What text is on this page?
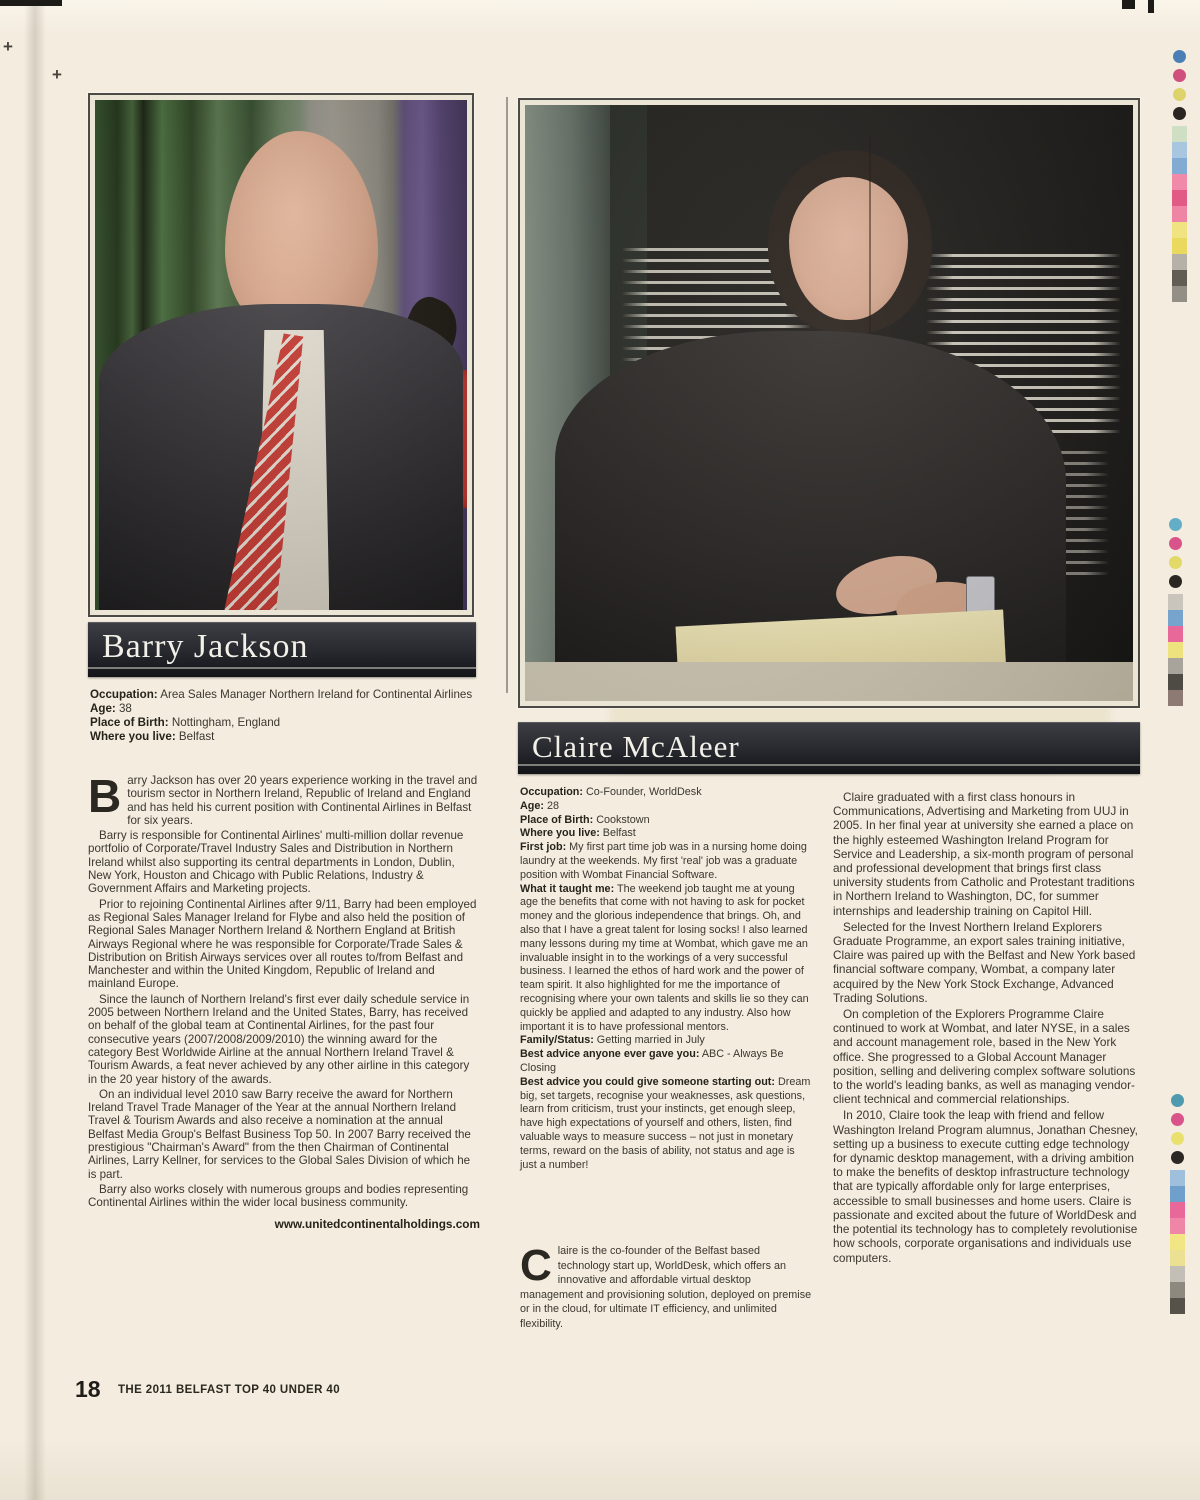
+
+
Barry Jackson

Occupation: Area Sales Manager Northern Ireland for Continental Airlines

Age: 38

Place of Birth: Nottingham, England

Where you live: Belfast

Barry Jackson has over 20 years experience working in the travel and tourism sector in Northern Ireland, Republic of Ireland and England and has held his current position with Continental Airlines in Belfast for six years.

Barry is responsible for Continental Airlines' multi-million dollar revenue portfolio of Corporate/Travel Industry Sales and Distribution in Northern Ireland whilst also supporting its central departments in London, Dublin, New York, Houston and Chicago with Public Relations, Industry & Government Affairs and Marketing projects.

Prior to rejoining Continental Airlines after 9/11, Barry had been employed as Regional Sales Manager Ireland for Flybe and also held the position of Regional Sales Manager Northern Ireland & Northern England at British Airways Regional where he was responsible for Corporate/Trade Sales & Distribution on British Airways services over all routes to/from Belfast and Manchester and within the United Kingdom, Republic of Ireland and mainland Europe.

Since the launch of Northern Ireland's first ever daily schedule service in 2005 between Northern Ireland and the United States, Barry, has received on behalf of the global team at Continental Airlines, for the past four consecutive years (2007/2008/2009/2010) the winning award for the category Best Worldwide Airline at the annual Northern Ireland Travel & Tourism Awards, a feat never achieved by any other airline in this category in the 20 year history of the awards.

On an individual level 2010 saw Barry receive the award for Northern Ireland Travel Trade Manager of the Year at the annual Northern Ireland Travel & Tourism Awards and also receive a nomination at the annual Belfast Media Group's Belfast Business Top 50. In 2007 Barry received the prestigious "Chairman's Award" from the then Chairman of Continental Airlines, Larry Kellner, for services to the Global Sales Division of which he is part.

Barry also works closely with numerous groups and bodies representing Continental Airlines within the wider local business community.

www.unitedcontinentalholdings.com
Claire McAleer

Occupation: Co-Founder, WorldDesk

Age: 28

Place of Birth: Cookstown

Where you live: Belfast

First job: My first part time job was in a nursing home doing laundry at the weekends. My first 'real' job was a graduate position with Wombat Financial Software.

What it taught me: The weekend job taught me at young age the benefits that come with not having to ask for pocket money and the glorious independence that brings. Oh, and also that I have a great talent for losing socks! I also learned many lessons during my time at Wombat, which gave me an invaluable insight in to the workings of a very successful business. I learned the ethos of hard work and the power of team spirit. It also highlighted for me the importance of recognising where your own talents and skills lie so they can quickly be applied and adapted to any industry. Also how important it is to have professional mentors.

Family/Status: Getting married in July

Best advice anyone ever gave you: ABC - Always Be Closing

Best advice you could give someone starting out: Dream big, set targets, recognise your weaknesses, ask questions, learn from criticism, trust your instincts, get enough sleep, have high expectations of yourself and others, listen, find valuable ways to measure success – not just in monetary terms, reward on the basis of ability, not status and age is just a number!

Claire is the co-founder of the Belfast based technology start up, WorldDesk, which offers an innovative and affordable virtual desktop management and provisioning solution, deployed on premise or in the cloud, for ultimate IT efficiency, and unlimited flexibility.

Claire graduated with a first class honours in Communications, Advertising and Marketing from UUJ in 2005. In her final year at university she earned a place on the highly esteemed Washington Ireland Program for Service and Leadership, a six-month program of personal and professional development that brings first class university students from Catholic and Protestant traditions in Northern Ireland to Washington, DC, for summer internships and leadership training on Capitol Hill.

Selected for the Invest Northern Ireland Explorers Graduate Programme, an export sales training initiative, Claire was paired up with the Belfast and New York based financial software company, Wombat, a company later acquired by the New York Stock Exchange, Advanced Trading Solutions.

On completion of the Explorers Programme Claire continued to work at Wombat, and later NYSE, in a sales and account management role, based in the New York office. She progressed to a Global Account Manager position, selling and delivering complex software solutions to the world's leading banks, as well as managing vendor-client technical and commercial relationships.

In 2010, Claire took the leap with friend and fellow Washington Ireland Program alumnus, Jonathan Chesney, setting up a business to execute cutting edge technology for dynamic desktop management, with a driving ambition to make the benefits of desktop infrastructure technology that are typically affordable only for large enterprises, accessible to small businesses and home users. Claire is passionate and excited about the future of WorldDesk and the potential its technology has to completely revolutionise how schools, corporate organisations and individuals use computers.

18 THE 2011 BELFAST TOP 40 UNDER 40
